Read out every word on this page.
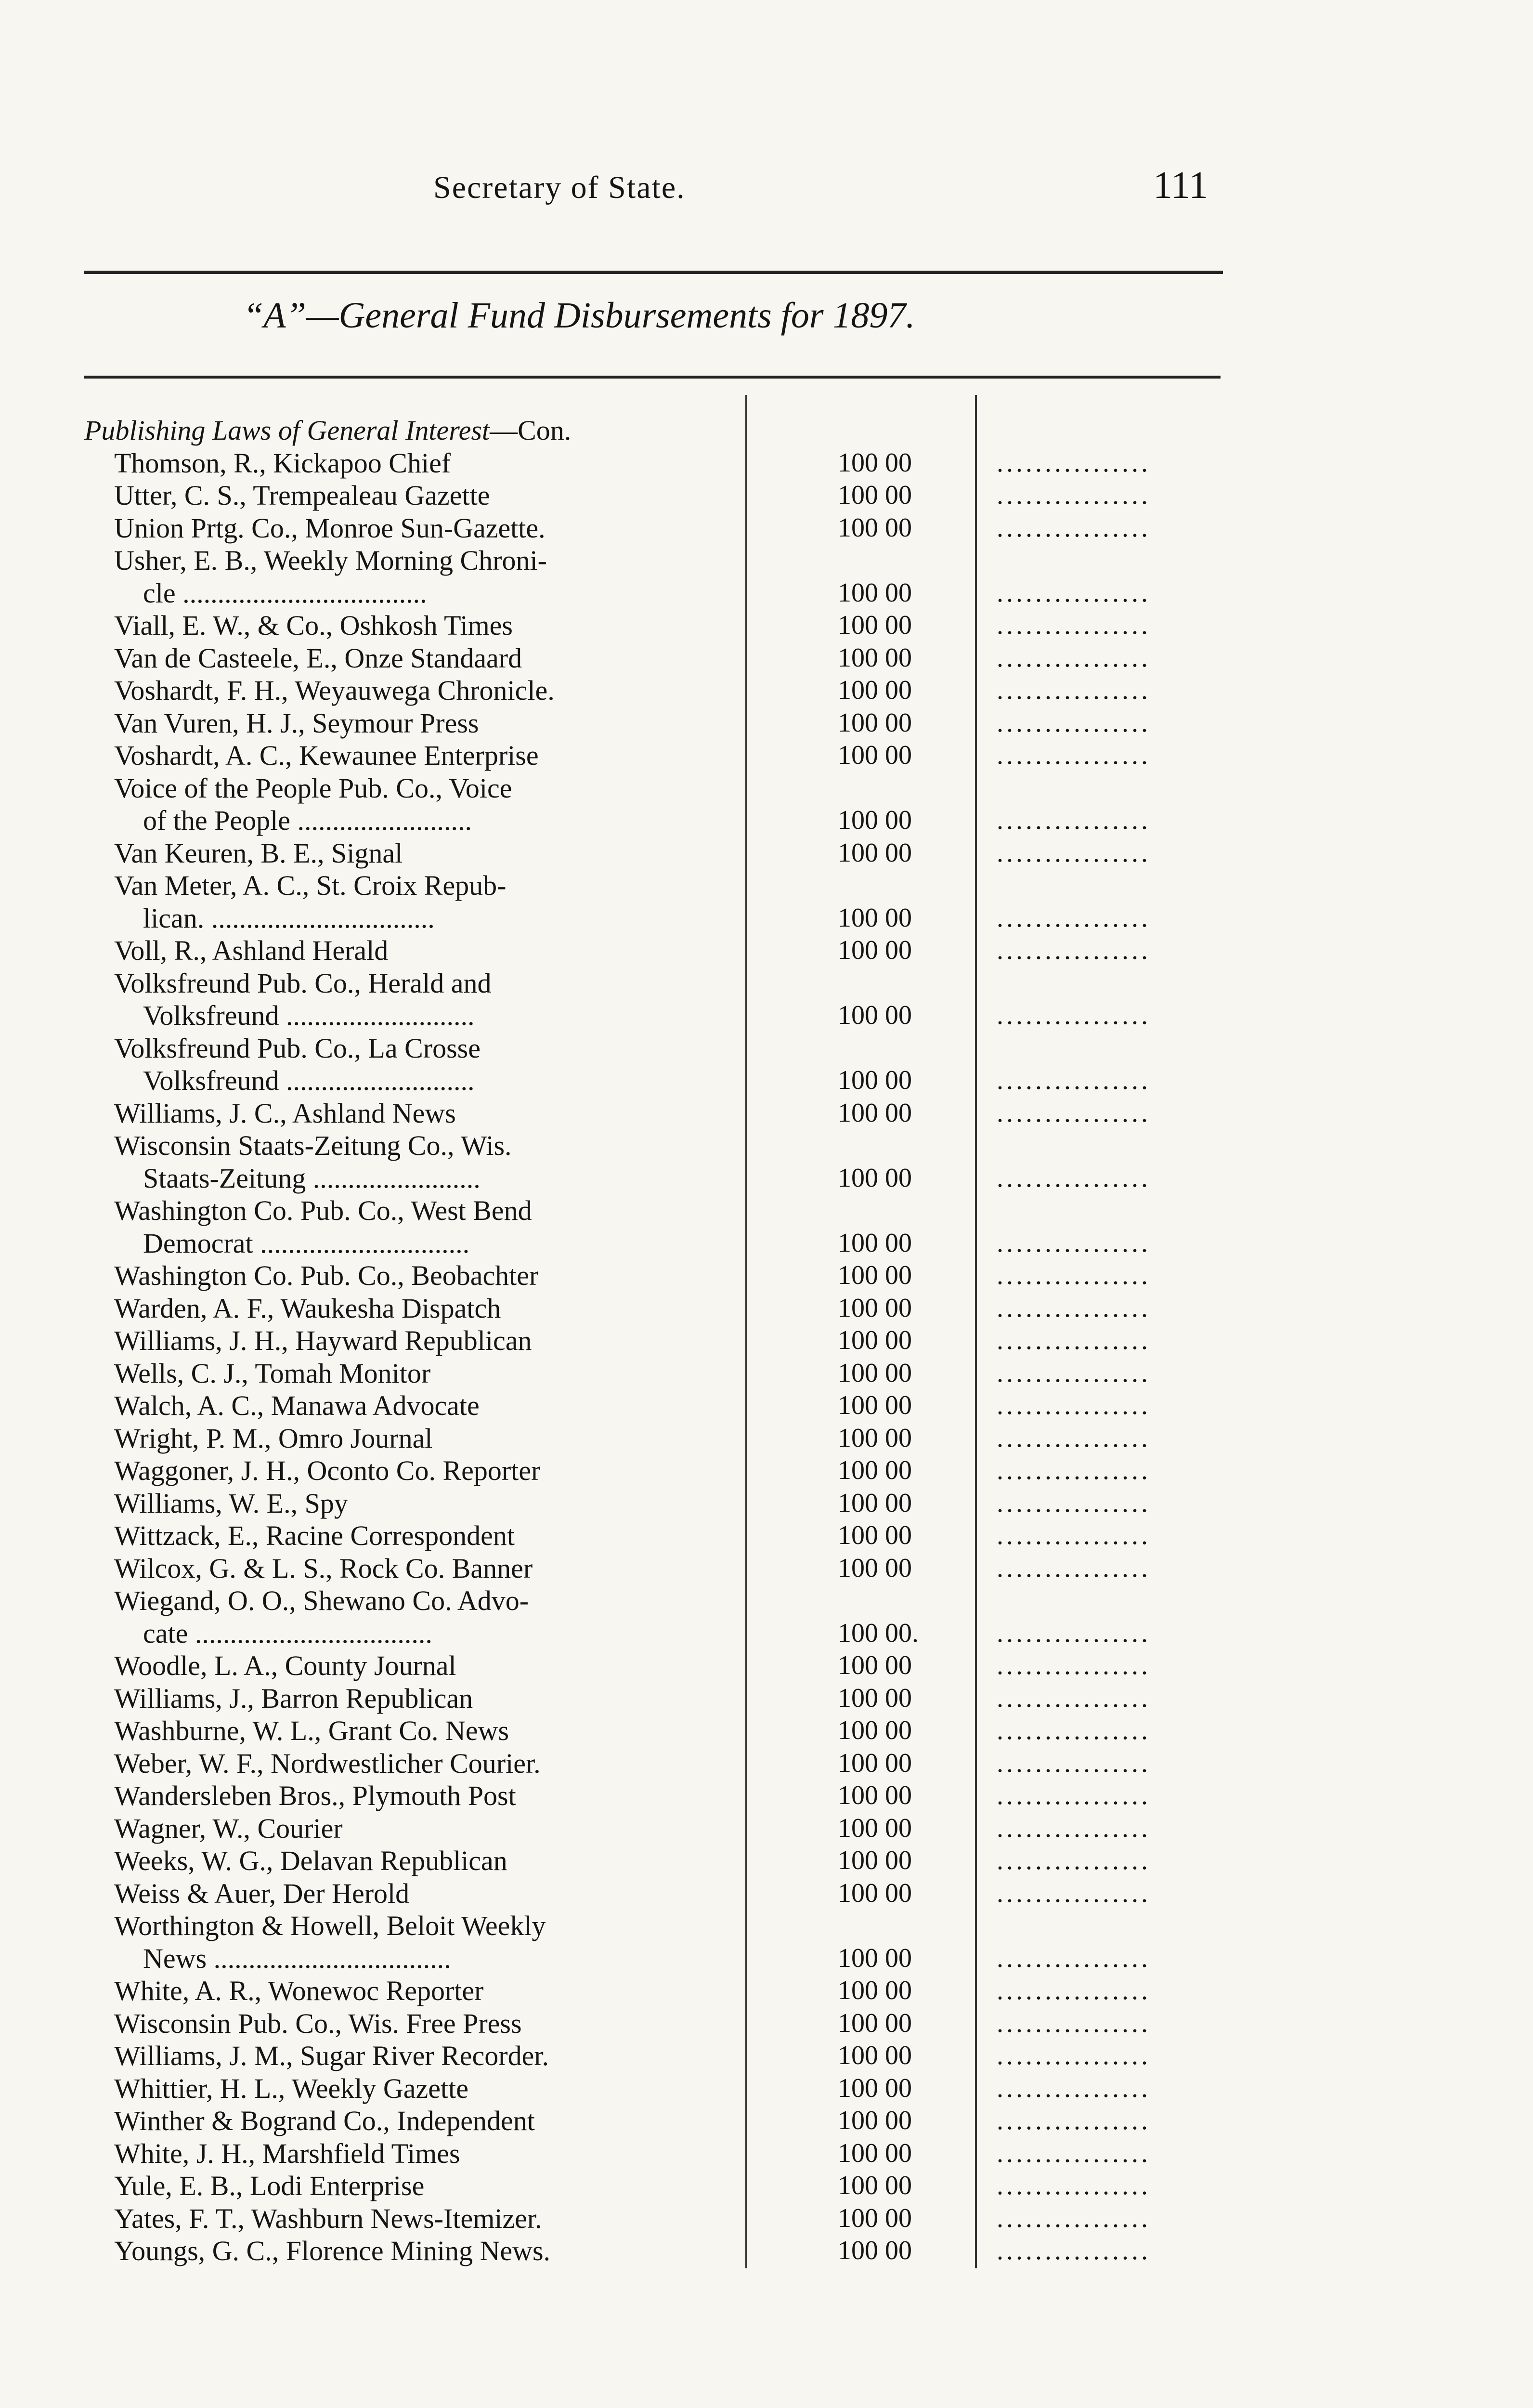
Secretary of State.	111
“A”—General Fund Disbursements for 1897.
Publishing Laws of General Interest—Con.
Thomson, R., Kickapoo Chief	100 00	................
Utter, C. S., Trempealeau Gazette	100 00	................
Union Prtg. Co., Monroe Sun-Gazette.	100 00	................
Usher, E. B., Weekly Morning Chroni-
cle ...................................	100 00	................
Viall, E. W., & Co., Oshkosh Times	100 00	................
Van de Casteele, E., Onze Standaard	100 00	................
Voshardt, F. H., Weyauwega Chronicle.	100 00	................
Van Vuren, H. J., Seymour Press	100 00	................
Voshardt, A. C., Kewaunee Enterprise	100 00	................
Voice of the People Pub. Co., Voice
of the People .........................	100 00	................
Van Keuren, B. E., Signal	100 00	................
Van Meter, A. C., St. Croix Repub-
lican. ................................	100 00	................
Voll, R., Ashland Herald	100 00	................
Volksfreund Pub. Co., Herald and
Volksfreund ...........................	100 00	................
Volksfreund Pub. Co., La Crosse
Volksfreund ...........................	100 00	................
Williams, J. C., Ashland News	100 00	................
Wisconsin Staats-Zeitung Co., Wis.
Staats-Zeitung ........................	100 00	................
Washington Co. Pub. Co., West Bend
Democrat ..............................	100 00	................
Washington Co. Pub. Co., Beobachter	100 00	................
Warden, A. F., Waukesha Dispatch	100 00	................
Williams, J. H., Hayward Republican	100 00	................
Wells, C. J., Tomah Monitor	100 00	................
Walch, A. C., Manawa Advocate	100 00	................
Wright, P. M., Omro Journal	100 00	................
Waggoner, J. H., Oconto Co. Reporter	100 00	................
Williams, W. E., Spy	100 00	................
Wittzack, E., Racine Correspondent	100 00	................
Wilcox, G. & L. S., Rock Co. Banner	100 00	................
Wiegand, O. O., Shewano Co. Advo-
cate ..................................	100 00.	................
Woodle, L. A., County Journal	100 00	................
Williams, J., Barron Republican	100 00	................
Washburne, W. L., Grant Co. News	100 00	................
Weber, W. F., Nordwestlicher Courier.	100 00	................
Wandersleben Bros., Plymouth Post	100 00	................
Wagner, W., Courier	100 00	................
Weeks, W. G., Delavan Republican	100 00	................
Weiss & Auer, Der Herold	100 00	................
Worthington & Howell, Beloit Weekly
News ..................................	100 00	................
White, A. R., Wonewoc Reporter	100 00	................
Wisconsin Pub. Co., Wis. Free Press	100 00	................
Williams, J. M., Sugar River Recorder.	100 00	................
Whittier, H. L., Weekly Gazette	100 00	................
Winther & Bogrand Co., Independent	100 00	................
White, J. H., Marshfield Times	100 00	................
Yule, E. B., Lodi Enterprise	100 00	................
Yates, F. T., Washburn News-Itemizer.	100 00	................
Youngs, G. C., Florence Mining News.	100 00	................
